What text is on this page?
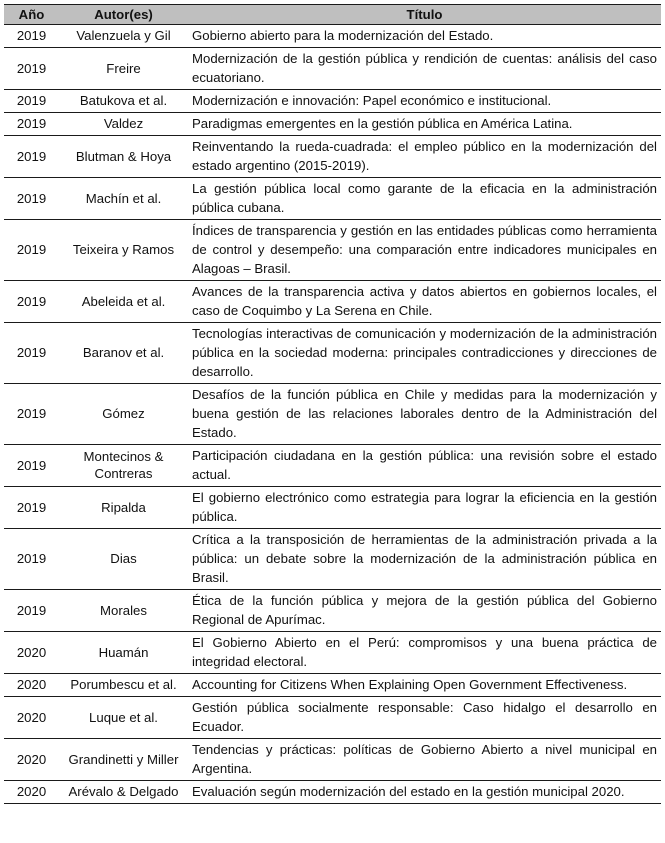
Año	Autor(es)	Título
2019	Valenzuela y Gil	Gobierno abierto para la modernización del Estado.
2019	Freire	Modernización de la gestión pública y rendición de cuentas: análisis del caso ecuatoriano.
2019	Batukova et al.	Modernización e innovación: Papel económico e institucional.
2019	Valdez	Paradigmas emergentes en la gestión pública en América Latina.
2019	Blutman & Hoya	Reinventando la rueda-cuadrada: el empleo público en la modernización del estado argentino (2015-2019).
2019	Machín et al.	La gestión pública local como garante de la eficacia en la administración pública cubana.
2019	Teixeira y Ramos	Índices de transparencia y gestión en las entidades públicas como herramienta de control y desempeño: una comparación entre indicadores municipales en Alagoas – Brasil.
2019	Abeleida et al.	Avances de la transparencia activa y datos abiertos en gobiernos locales, el caso de Coquimbo y La Serena en Chile.
2019	Baranov et al.	Tecnologías interactivas de comunicación y modernización de la administración pública en la sociedad moderna: principales contradicciones y direcciones de desarrollo.
2019	Gómez	Desafíos de la función pública en Chile y medidas para la modernización y buena gestión de las relaciones laborales dentro de la Administración del Estado.
2019	Montecinos & Contreras	Participación ciudadana en la gestión pública: una revisión sobre el estado actual.
2019	Ripalda	El gobierno electrónico como estrategia para lograr la eficiencia en la gestión pública.
2019	Dias	Crítica a la transposición de herramientas de la administración privada a la pública: un debate sobre la modernización de la administración pública en Brasil.
2019	Morales	Ética de la función pública y mejora de la gestión pública del Gobierno Regional de Apurímac.
2020	Huamán	El Gobierno Abierto en el Perú: compromisos y una buena práctica de integridad electoral.
2020	Porumbescu et al.	Accounting for Citizens When Explaining Open Government Effectiveness.
2020	Luque et al.	Gestión pública socialmente responsable: Caso hidalgo el desarrollo en Ecuador.
2020	Grandinetti y Miller	Tendencias y prácticas: políticas de Gobierno Abierto a nivel municipal en Argentina.
2020	Arévalo & Delgado	Evaluación según modernización del estado en la gestión municipal 2020.
